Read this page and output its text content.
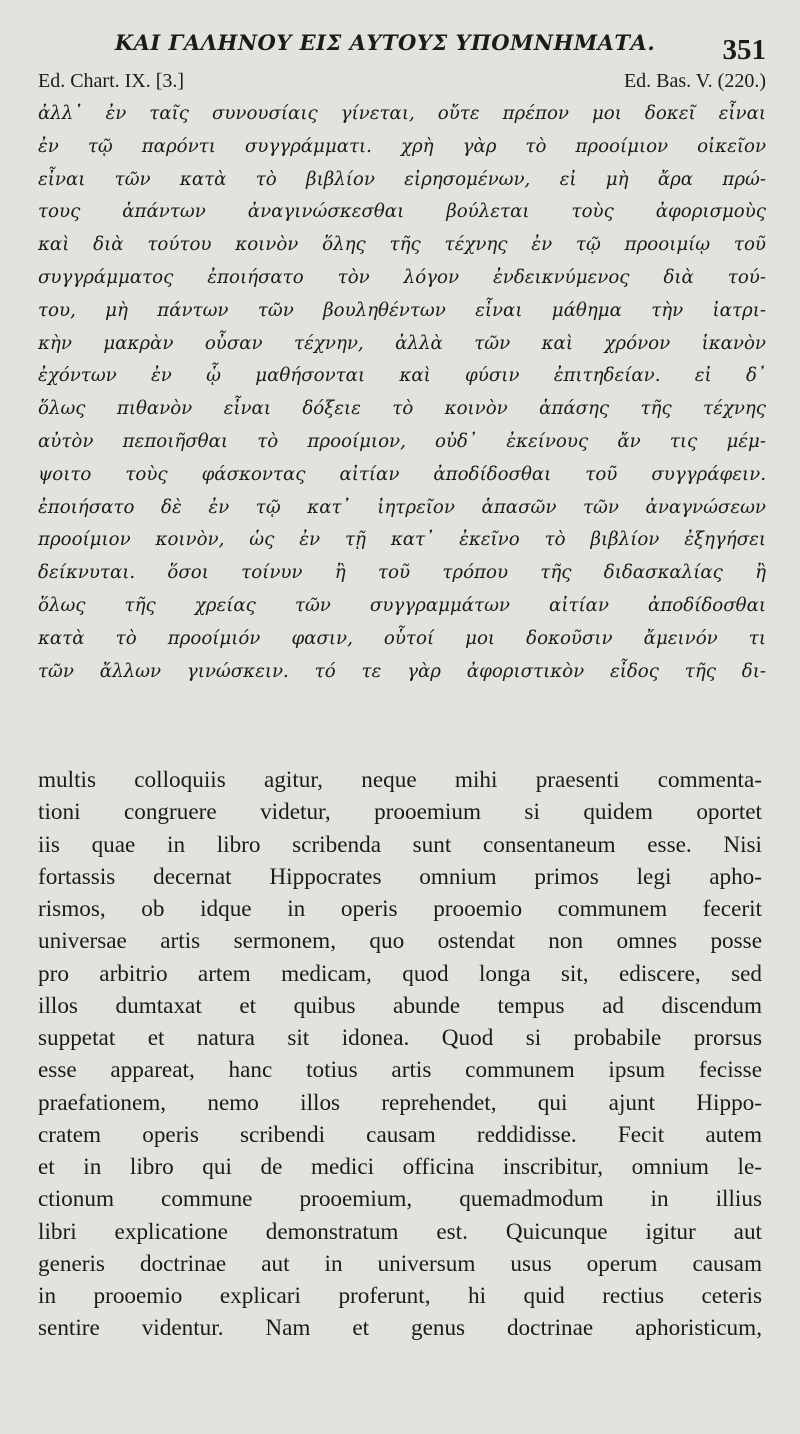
ΚΑΙ ΓΑΛΗΝΟΥ ΕΙΣ ΑΥΤΟΥΣ ΥΠΟΜΝΗΜΑΤΑ.	351
Ed. Chart. IX. [3.]	Ed. Bas. V. (220.)
ἀλλ᾽ ἐν ταῖς συνουσίαις γίνεται, οὔτε πρέπον μοι δοκεῖ εἶναι
ἐν τῷ παρόντι συγγράμματι. χρὴ γὰρ τὸ προοίμιον οἰκεῖον
εἶναι τῶν κατὰ τὸ βιβλίον εἰρησομένων, εἰ μὴ ἄρα πρώ-
τους ἁπάντων ἀναγινώσκεσθαι βούλεται τοὺς ἀφορισμοὺς
καὶ διὰ τούτου κοινὸν ὅλης τῆς τέχνης ἐν τῷ προοιμίῳ τοῦ
συγγράμματος ἐποιήσατο τὸν λόγον ἐνδεικνύμενος διὰ τού-
του, μὴ πάντων τῶν βουληθέντων εἶναι μάθημα τὴν ἰατρι-
κὴν μακρὰν οὖσαν τέχνην, ἀλλὰ τῶν καὶ χρόνον ἱκανὸν
ἐχόντων ἐν ᾧ μαθήσονται καὶ φύσιν ἐπιτηδείαν. εἰ δ᾽
ὅλως πιθανὸν εἶναι δόξειε τὸ κοινὸν ἁπάσης τῆς τέχνης
αὐτὸν πεποιῆσθαι τὸ προοίμιον, οὐδ᾽ ἐκείνους ἄν τις μέμ-
ψοιτο τοὺς φάσκοντας αἰτίαν ἀποδίδοσθαι τοῦ συγγράφειν.
ἐποιήσατο δὲ ἐν τῷ κατ᾽ ἰητρεῖον ἁπασῶν τῶν ἀναγνώσεων
προοίμιον κοινὸν, ὡς ἐν τῇ κατ᾽ ἐκεῖνο τὸ βιβλίον ἐξηγήσει
δείκνυται. ὅσοι τοίνυν ἢ τοῦ τρόπου τῆς διδασκαλίας ἢ
ὅλως τῆς χρείας τῶν συγγραμμάτων αἰτίαν ἀποδίδοσθαι
κατὰ τὸ προοίμιόν φασιν, οὗτοί μοι δοκοῦσιν ἄμεινόν τι
τῶν ἄλλων γινώσκειν. τό τε γὰρ ἀφοριστικὸν εἶδος τῆς δι-
multis colloquiis agitur, neque mihi praesenti commenta-
tioni congruere videtur, prooemium si quidem oportet
iis quae in libro scribenda sunt consentaneum esse. Nisi
fortassis decernat Hippocrates omnium primos legi apho-
rismos, ob idque in operis prooemio communem fecerit
universae artis sermonem, quo ostendat non omnes posse
pro arbitrio artem medicam, quod longa sit, ediscere, sed
illos dumtaxat et quibus abunde tempus ad discendum
suppetat et natura sit idonea. Quod si probabile prorsus
esse appareat, hanc totius artis communem ipsum fecisse
praefationem, nemo illos reprehendet, qui ajunt Hippo-
cratem operis scribendi causam reddidisse. Fecit autem
et in libro qui de medici officina inscribitur, omnium le-
ctionum commune prooemium, quemadmodum in illius
libri explicatione demonstratum est. Quicunque igitur aut
generis doctrinae aut in universum usus operum causam
in prooemio explicari proferunt, hi quid rectius ceteris
sentire videntur. Nam et genus doctrinae aphoristicum,
